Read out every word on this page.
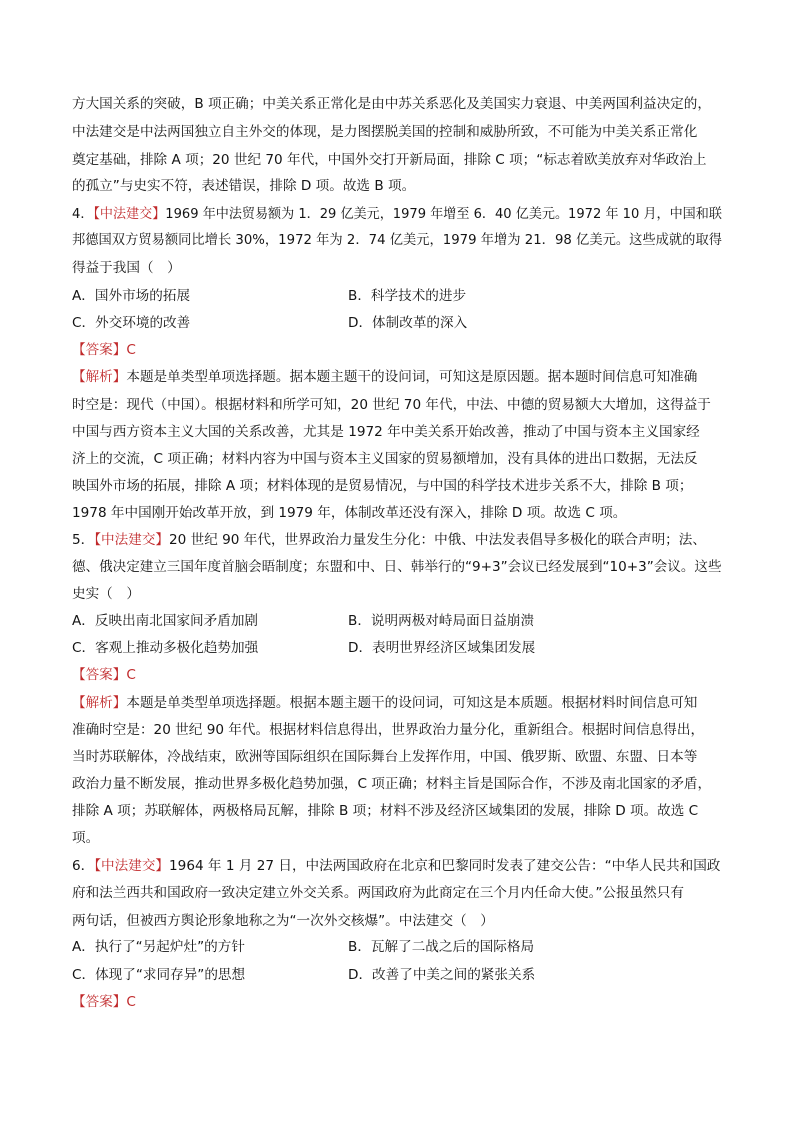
方大国关系的突破，B 项正确；中美关系正常化是由中苏关系恶化及美国实力衰退、中美两国利益决定的，
中法建交是中法两国独立自主外交的体现，是力图摆脱美国的控制和威胁所致，不可能为中美关系正常化
奠定基础，排除 A 项；20 世纪 70 年代，中国外交打开新局面，排除 C 项；“标志着欧美放弃对华政治上
的孤立”与史实不符，表述错误，排除 D 项。故选 B 项。
4．【中法建交】1969 年中法贸易额为 1．29 亿美元，1979 年增至 6．40 亿美元。1972 年 10 月，中国和联
邦德国双方贸易额同比增长 30%，1972 年为 2．74 亿美元，1979 年增为 21．98 亿美元。这些成就的取得
得益于我国（　）
A．国外市场的拓展	B．科学技术的进步
C．外交环境的改善	D．体制改革的深入
【答案】C
【解析】本题是单类型单项选择题。据本题主题干的设问词，可知这是原因题。据本题时间信息可知准确
时空是：现代（中国）。根据材料和所学可知，20 世纪 70 年代，中法、中德的贸易额大大增加，这得益于
中国与西方资本主义大国的关系改善，尤其是 1972 年中美关系开始改善，推动了中国与资本主义国家经
济上的交流，C 项正确；材料内容为中国与资本主义国家的贸易额增加，没有具体的进出口数据，无法反
映国外市场的拓展，排除 A 项；材料体现的是贸易情况，与中国的科学技术进步关系不大，排除 B 项；
1978 年中国刚开始改革开放，到 1979 年，体制改革还没有深入，排除 D 项。故选 C 项。
5．【中法建交】20 世纪 90 年代，世界政治力量发生分化：中俄、中法发表倡导多极化的联合声明；法、
德、俄决定建立三国年度首脑会晤制度；东盟和中、日、韩举行的“9+3”会议已经发展到“10+3”会议。这些
史实（　）
A．反映出南北国家间矛盾加剧	B．说明两极对峙局面日益崩溃
C．客观上推动多极化趋势加强	D．表明世界经济区域集团发展
【答案】C
【解析】本题是单类型单项选择题。根据本题主题干的设问词，可知这是本质题。根据材料时间信息可知
准确时空是：20 世纪 90 年代。根据材料信息得出，世界政治力量分化，重新组合。根据时间信息得出，
当时苏联解体，冷战结束，欧洲等国际组织在国际舞台上发挥作用，中国、俄罗斯、欧盟、东盟、日本等
政治力量不断发展，推动世界多极化趋势加强，C 项正确；材料主旨是国际合作，不涉及南北国家的矛盾，
排除 A 项；苏联解体，两极格局瓦解，排除 B 项；材料不涉及经济区域集团的发展，排除 D 项。故选 C
项。
6．【中法建交】1964 年 1 月 27 日，中法两国政府在北京和巴黎同时发表了建交公告：“中华人民共和国政
府和法兰西共和国政府一致决定建立外交关系。两国政府为此商定在三个月内任命大使。”公报虽然只有
两句话，但被西方舆论形象地称之为“一次外交核爆”。中法建交（　）
A．执行了“另起炉灶”的方针	B．瓦解了二战之后的国际格局
C．体现了“求同存异”的思想	D．改善了中美之间的紧张关系
【答案】C
